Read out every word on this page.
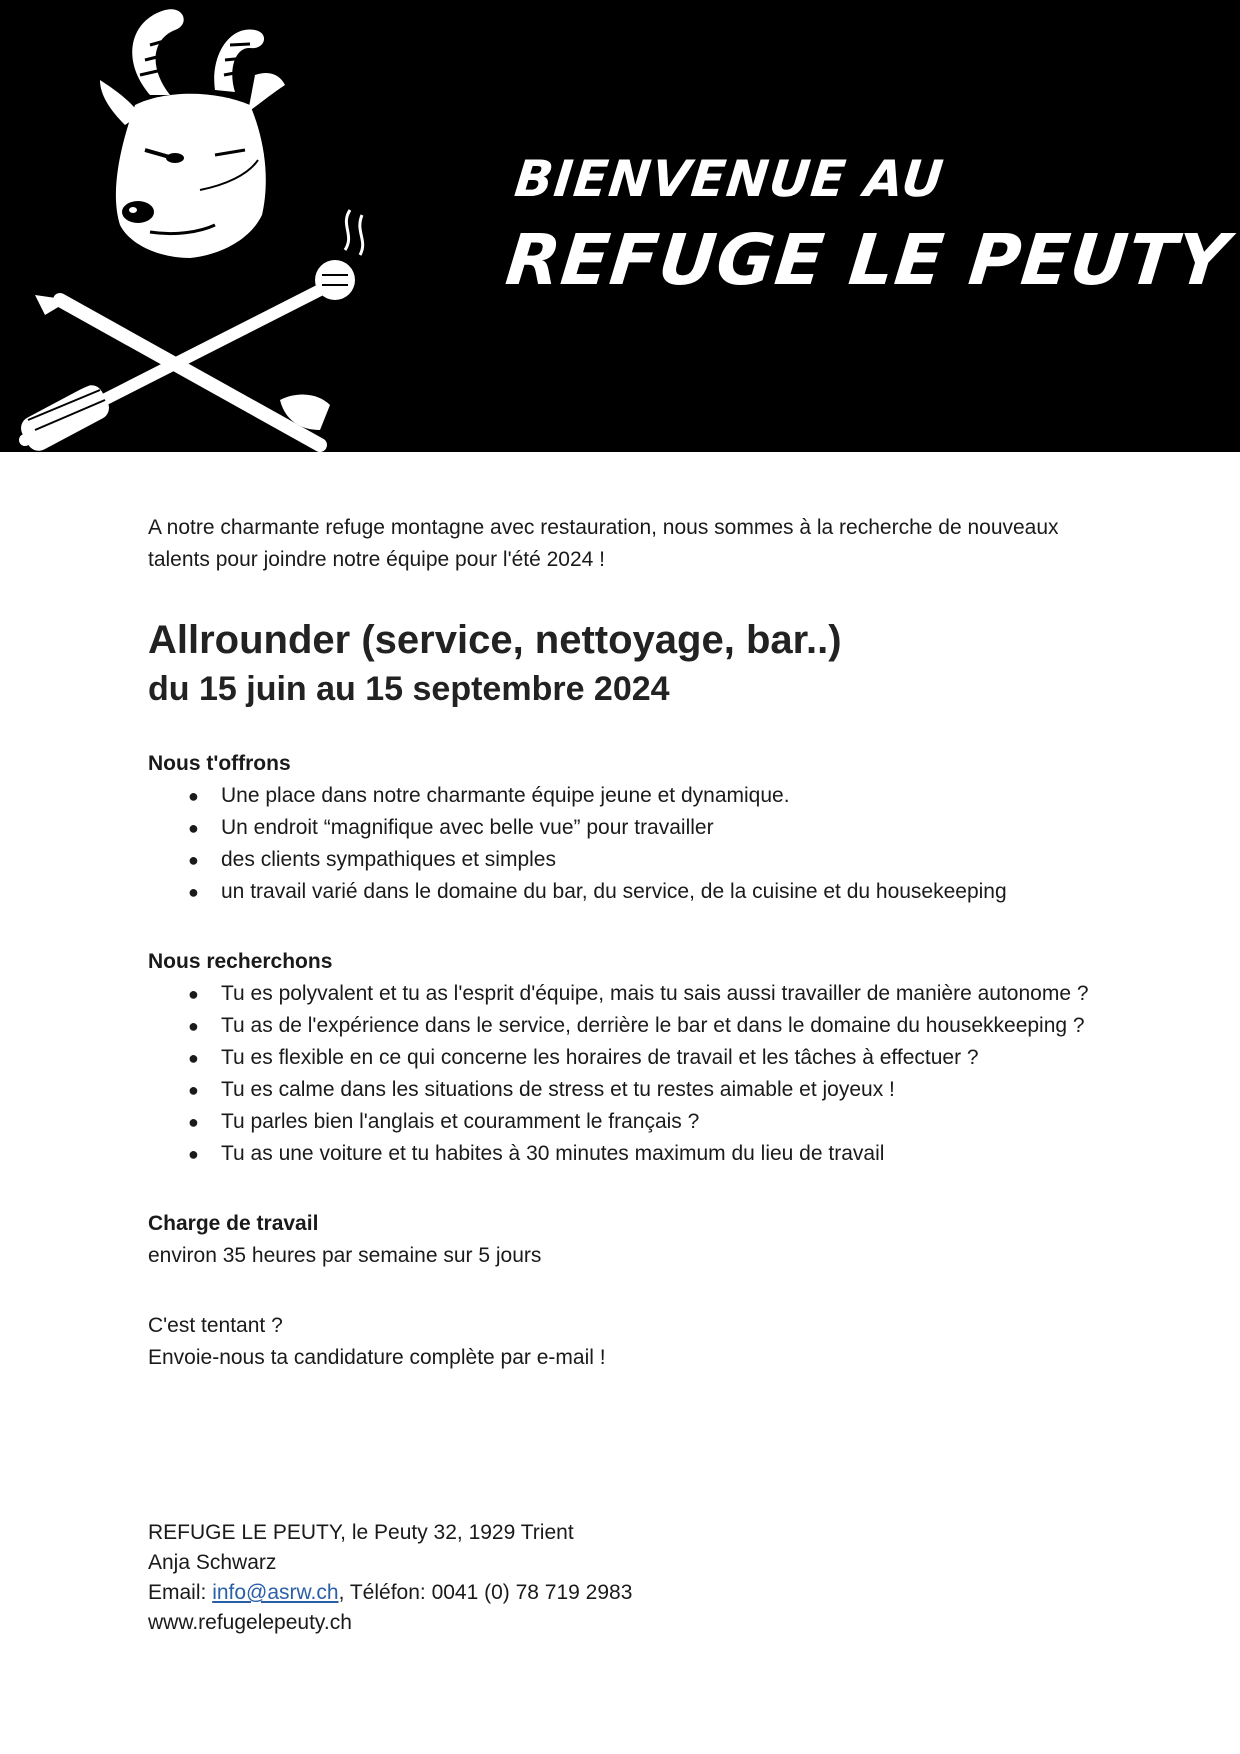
BIENVENUE AU
REFUGE LE PEUTY

A notre charmante refuge montagne avec restauration, nous sommes à la recherche de nouveaux talents pour joindre notre équipe pour l'été 2024 !

Allrounder (service, nettoyage, bar..)
du 15 juin au 15 septembre 2024
Nous t'offrons
● Une place dans notre charmante équipe jeune et dynamique.
● Un endroit “magnifique avec belle vue” pour travailler
● des clients sympathiques et simples
● un travail varié dans le domaine du bar, du service, de la cuisine et du housekeeping
Nous recherchons
● Tu es polyvalent et tu as l'esprit d'équipe, mais tu sais aussi travailler de manière autonome ?
● Tu as de l'expérience dans le service, derrière le bar et dans le domaine du housekkeeping ?
● Tu es flexible en ce qui concerne les horaires de travail et les tâches à effectuer ?
● Tu es calme dans les situations de stress et tu restes aimable et joyeux !
● Tu parles bien l'anglais et couramment le français ?
● Tu as une voiture et tu habites à 30 minutes maximum du lieu de travail
Charge de travail
environ 35 heures par semaine sur 5 jours
C'est tentant ?
Envoie-nous ta candidature complète par e-mail !
REFUGE LE PEUTY, le Peuty 32, 1929 Trient
Anja Schwarz
Email: info@asrw.ch, Téléfon: 0041 (0) 78 719 2983
www.refugelepeuty.ch
